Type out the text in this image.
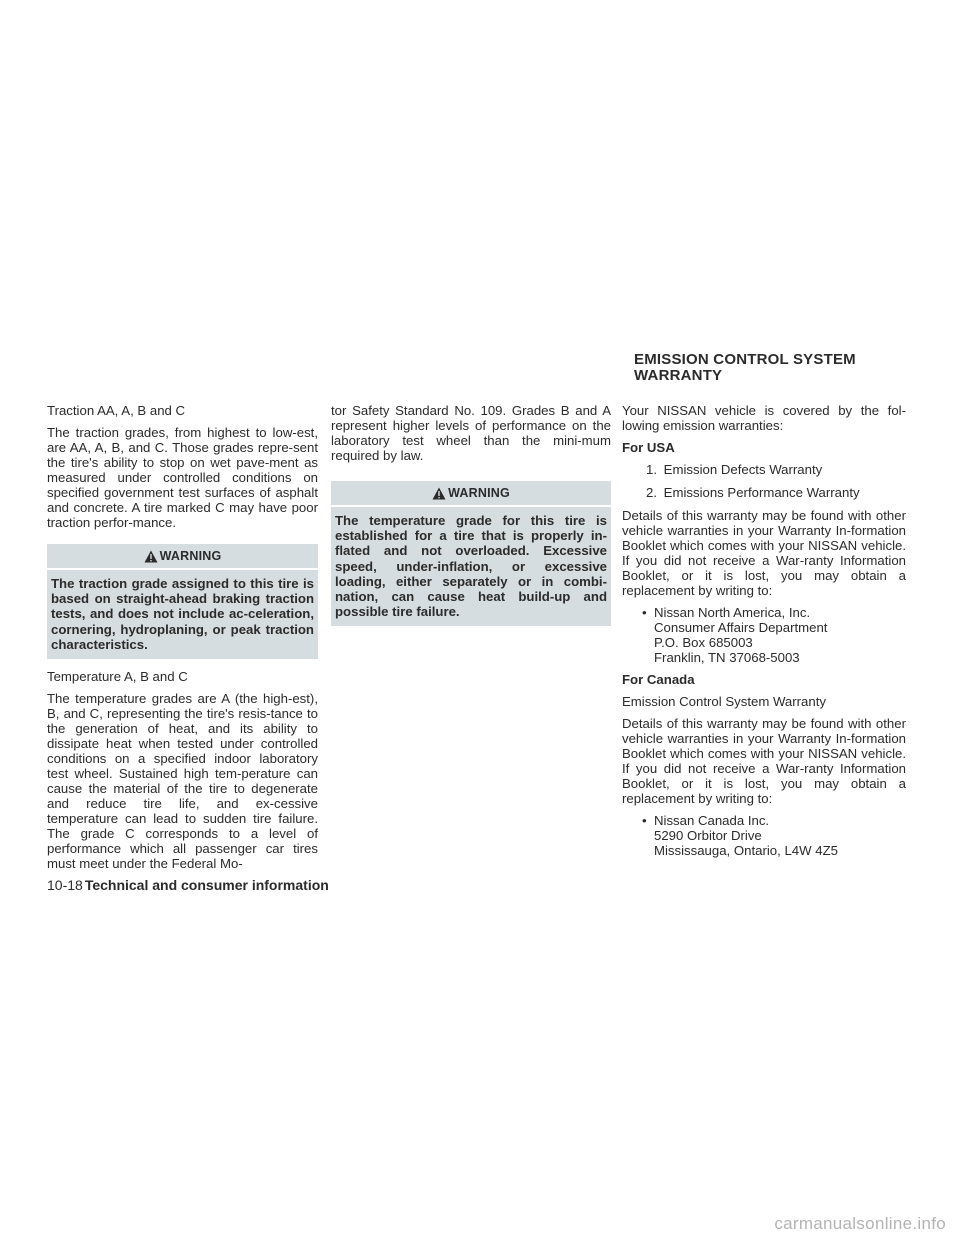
Traction AA, A, B and C

The traction grades, from highest to low-est, are AA, A, B, and C. Those grades repre-sent the tire's ability to stop on wet pave-ment as measured under controlled conditions on specified government test surfaces of asphalt and concrete. A tire marked C may have poor traction perfor-mance.

WARNING
The traction grade assigned to this tire is based on straight-ahead braking traction tests, and does not include ac-celeration, cornering, hydroplaning, or peak traction characteristics.

Temperature A, B and C

The temperature grades are A (the high-est), B, and C, representing the tire's resis-tance to the generation of heat, and its ability to dissipate heat when tested under controlled conditions on a specified indoor laboratory test wheel. Sustained high tem-perature can cause the material of the tire to degenerate and reduce tire life, and ex-cessive temperature can lead to sudden tire failure. The grade C corresponds to a level of performance which all passenger car tires must meet under the Federal Mo-

tor Safety Standard No. 109. Grades B and A represent higher levels of performance on the laboratory test wheel than the mini-mum required by law.

WARNING
The temperature grade for this tire is established for a tire that is properly in-flated and not overloaded. Excessive speed, under-inflation, or excessive loading, either separately or in combi-nation, can cause heat build-up and possible tire failure.
EMISSION CONTROL SYSTEM
WARRANTY

Your NISSAN vehicle is covered by the fol-lowing emission warranties:

For USA

1. Emission Defects Warranty
2. Emissions Performance Warranty

Details of this warranty may be found with other vehicle warranties in your Warranty In-formation Booklet which comes with your NISSAN vehicle. If you did not receive a War-ranty Information Booklet, or it is lost, you may obtain a replacement by writing to:

• Nissan North America, Inc.
Consumer Affairs Department
P.O. Box 685003
Franklin, TN 37068-5003

For Canada

Emission Control System Warranty

Details of this warranty may be found with other vehicle warranties in your Warranty In-formation Booklet which comes with your NISSAN vehicle. If you did not receive a War-ranty Information Booklet, or it is lost, you may obtain a replacement by writing to:

• Nissan Canada Inc.
5290 Orbitor Drive
Mississauga, Ontario, L4W 4Z5
10-18 Technical and consumer information
carmanualsonline.info
